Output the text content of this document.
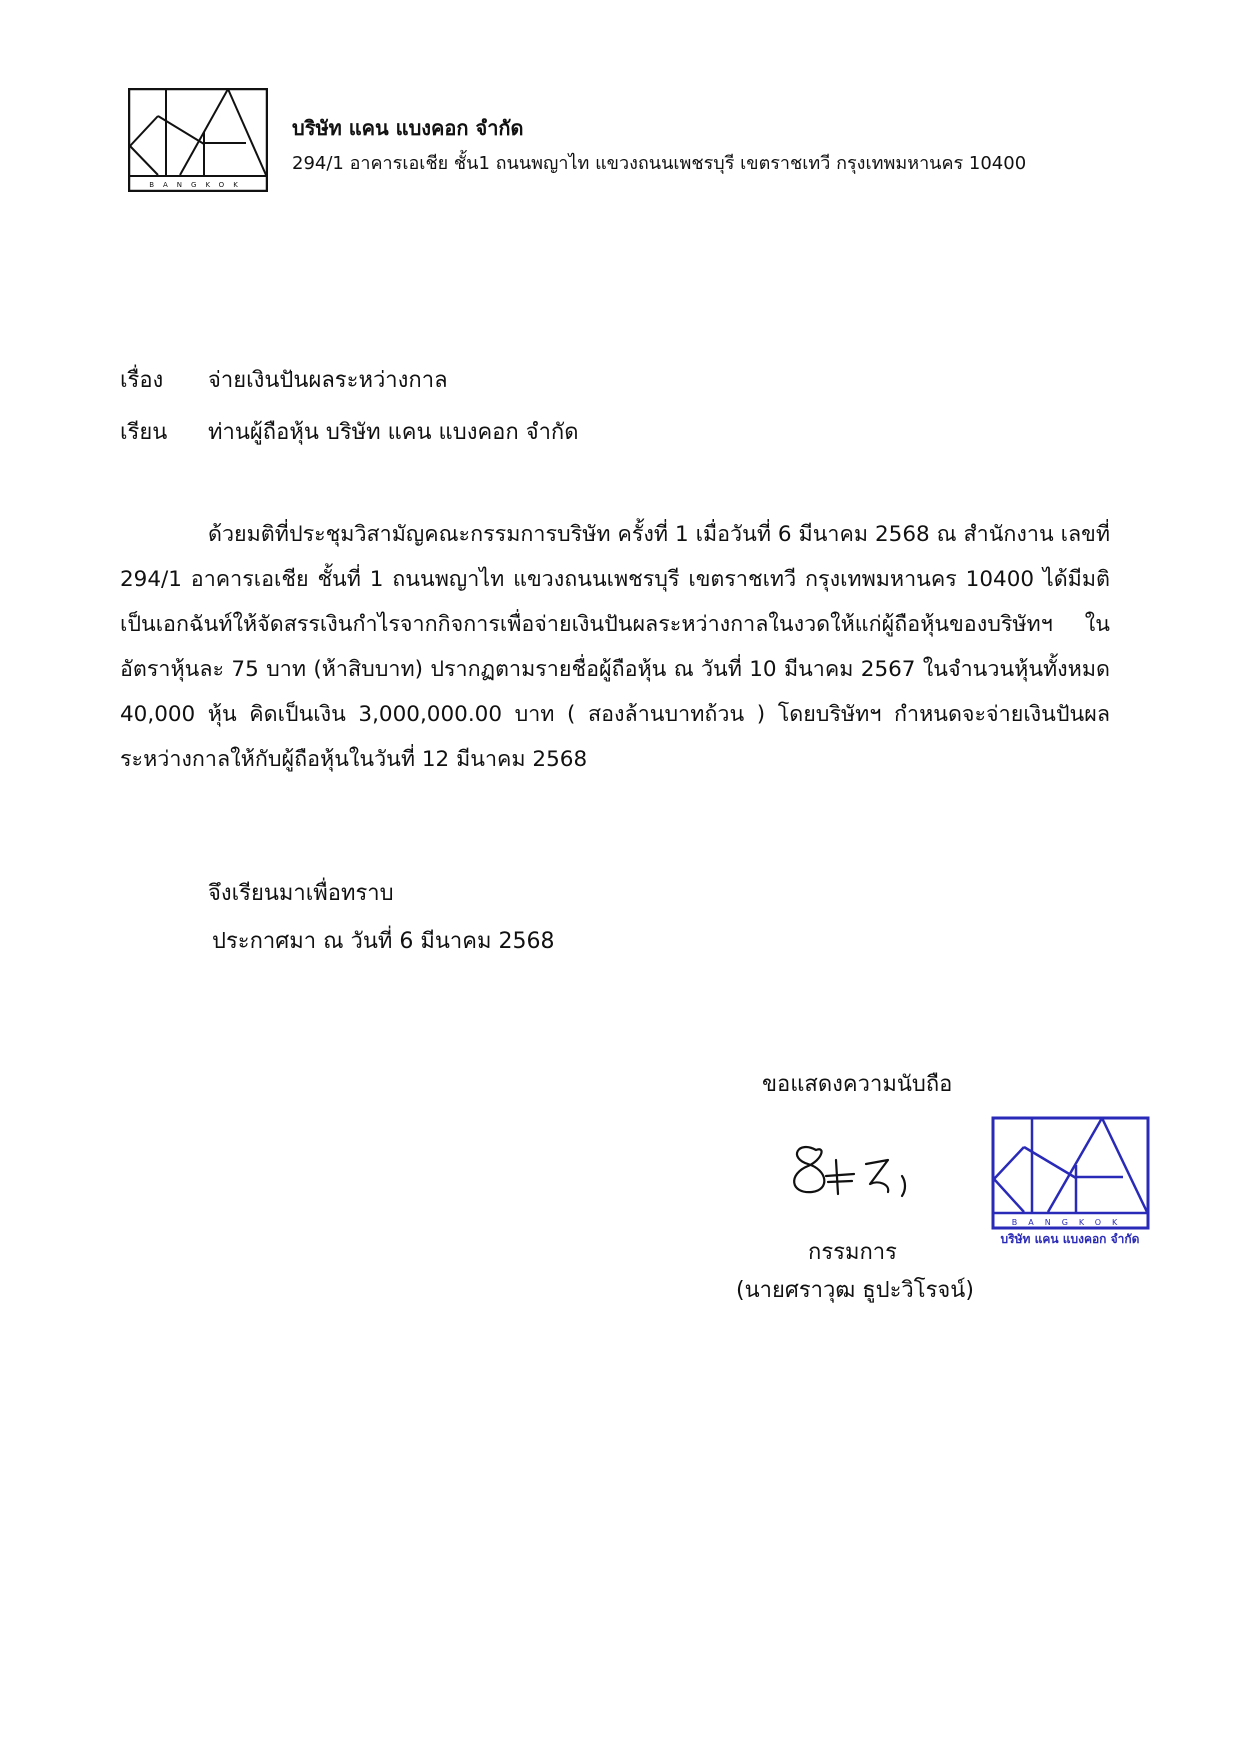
BANGKOK
บริษัท แคน แบงคอก จำกัด
294/1 อาคารเอเชีย ชั้น1 ถนนพญาไท แขวงถนนเพชรบุรี เขตราชเทวี กรุงเทพมหานคร 10400
เรื่อง จ่ายเงินปันผลระหว่างกาล
เรียน ท่านผู้ถือหุ้น บริษัท แคน แบงคอก จำกัด

ด้วยมติที่ประชุมวิสามัญคณะกรรมการบริษัท ครั้งที่ 1 เมื่อวันที่ 6 มีนาคม 2568 ณ สำนักงาน เลขที่ 294/1 อาคารเอเชีย ชั้นที่ 1 ถนนพญาไท แขวงถนนเพชรบุรี เขตราชเทวี กรุงเทพมหานคร 10400 ได้มีมติเป็นเอกฉันท์ให้จัดสรรเงินกำไรจากกิจการเพื่อจ่ายเงินปันผลระหว่างกาลในงวดให้แก่ผู้ถือหุ้นของบริษัทฯ ในอัตราหุ้นละ 75 บาท (ห้าสิบบาท) ปรากฏตามรายชื่อผู้ถือหุ้น ณ วันที่ 10 มีนาคม 2567 ในจำนวนหุ้นทั้งหมด 40,000 หุ้น คิดเป็นเงิน 3,000,000.00 บาท ( สองล้านบาทถ้วน ) โดยบริษัทฯ กำหนดจะจ่ายเงินปันผลระหว่างกาลให้กับผู้ถือหุ้นในวันที่ 12 มีนาคม 2568

จึงเรียนมาเพื่อทราบ
ประกาศมา ณ วันที่ 6 มีนาคม 2568
ขอแสดงความนับถือ
กรรมการ
(นายศราวุฒ ธูปะวิโรจน์)
BANGKOK
บริษัท แคน แบงคอก จำกัด
